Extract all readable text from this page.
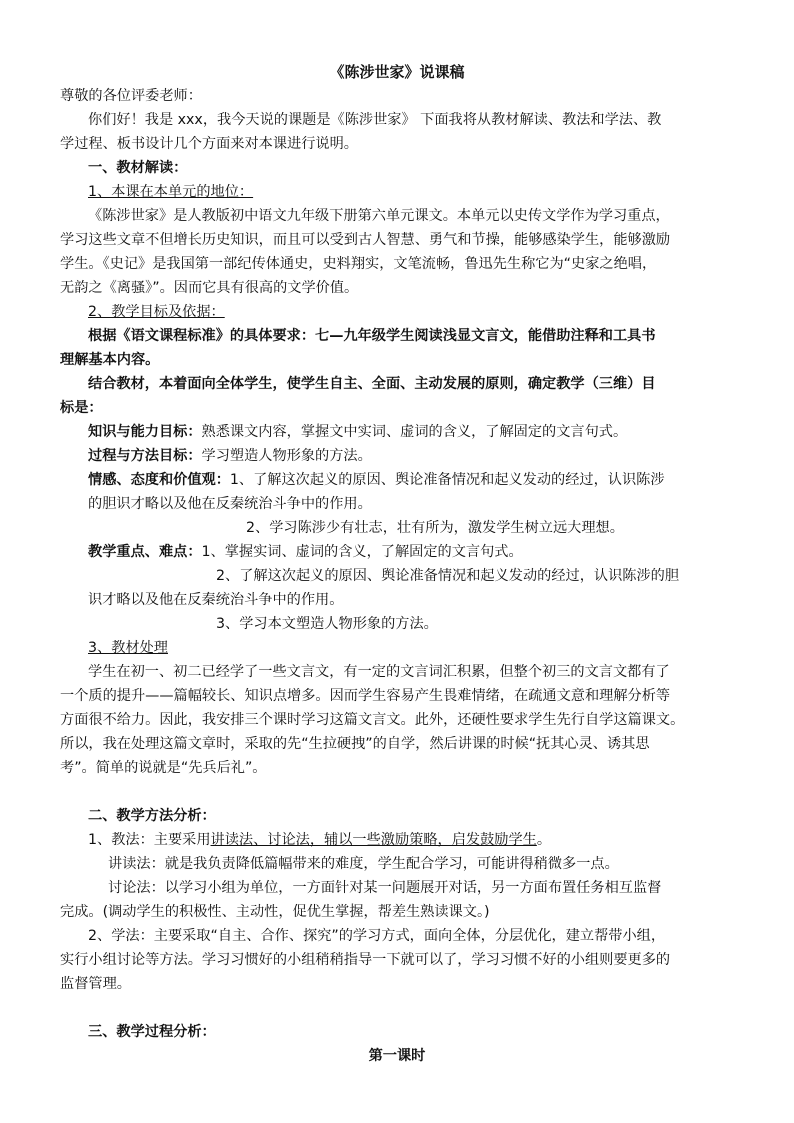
《陈涉世家》说课稿
尊敬的各位评委老师：
你们好！我是 xxx，我今天说的课题是《陈涉世家》 下面我将从教材解读、教法和学法、教
学过程、板书设计几个方面来对本课进行说明。
一、教材解读：
1、本课在本单元的地位：
《陈涉世家》是人教版初中语文九年级下册第六单元课文。本单元以史传文学作为学习重点，
学习这些文章不但增长历史知识，而且可以受到古人智慧、勇气和节操，能够感染学生，能够激励
学生。《史记》是我国第一部纪传体通史，史料翔实，文笔流畅，鲁迅先生称它为“史家之绝唱，
无韵之《离骚》”。因而它具有很高的文学价值。
2、教学目标及依据：
根据《语文课程标准》的具体要求：七—九年级学生阅读浅显文言文，能借助注释和工具书
理解基本内容。
结合教材，本着面向全体学生，使学生自主、全面、主动发展的原则，确定教学（三维）目
标是：
知识与能力目标：熟悉课文内容，掌握文中实词、虚词的含义，了解固定的文言句式。
过程与方法目标：学习塑造人物形象的方法。
情感、态度和价值观：1、了解这次起义的原因、舆论准备情况和起义发动的经过，认识陈涉
的胆识才略以及他在反秦统治斗争中的作用。
2、学习陈涉少有壮志，壮有所为，激发学生树立远大理想。
教学重点、难点：1、掌握实词、虚词的含义，了解固定的文言句式。
2、了解这次起义的原因、舆论准备情况和起义发动的经过，认识陈涉的胆
识才略以及他在反秦统治斗争中的作用。
3、学习本文塑造人物形象的方法。
3、教材处理
学生在初一、初二已经学了一些文言文，有一定的文言词汇积累，但整个初三的文言文都有了
一个质的提升——篇幅较长、知识点增多。因而学生容易产生畏难情绪，在疏通文意和理解分析等
方面很不给力。因此，我安排三个课时学习这篇文言文。此外，还硬性要求学生先行自学这篇课文。
所以，我在处理这篇文章时，采取的先“生拉硬拽”的自学，然后讲课的时候“抚其心灵、诱其思
考”。简单的说就是“先兵后礼”。
二、教学方法分析：
1、教法：主要采用讲读法、讨论法，辅以一些激励策略，启发鼓励学生。
讲读法：就是我负责降低篇幅带来的难度，学生配合学习，可能讲得稍微多一点。
讨论法：以学习小组为单位，一方面针对某一问题展开对话，另一方面布置任务相互监督
完成。(调动学生的积极性、主动性，促优生掌握，帮差生熟读课文。)
2、学法：主要采取“自主、合作、探究”的学习方式，面向全体，分层优化，建立帮带小组，
实行小组讨论等方法。学习习惯好的小组稍稍指导一下就可以了，学习习惯不好的小组则要更多的
监督管理。
三、教学过程分析：
第一课时
